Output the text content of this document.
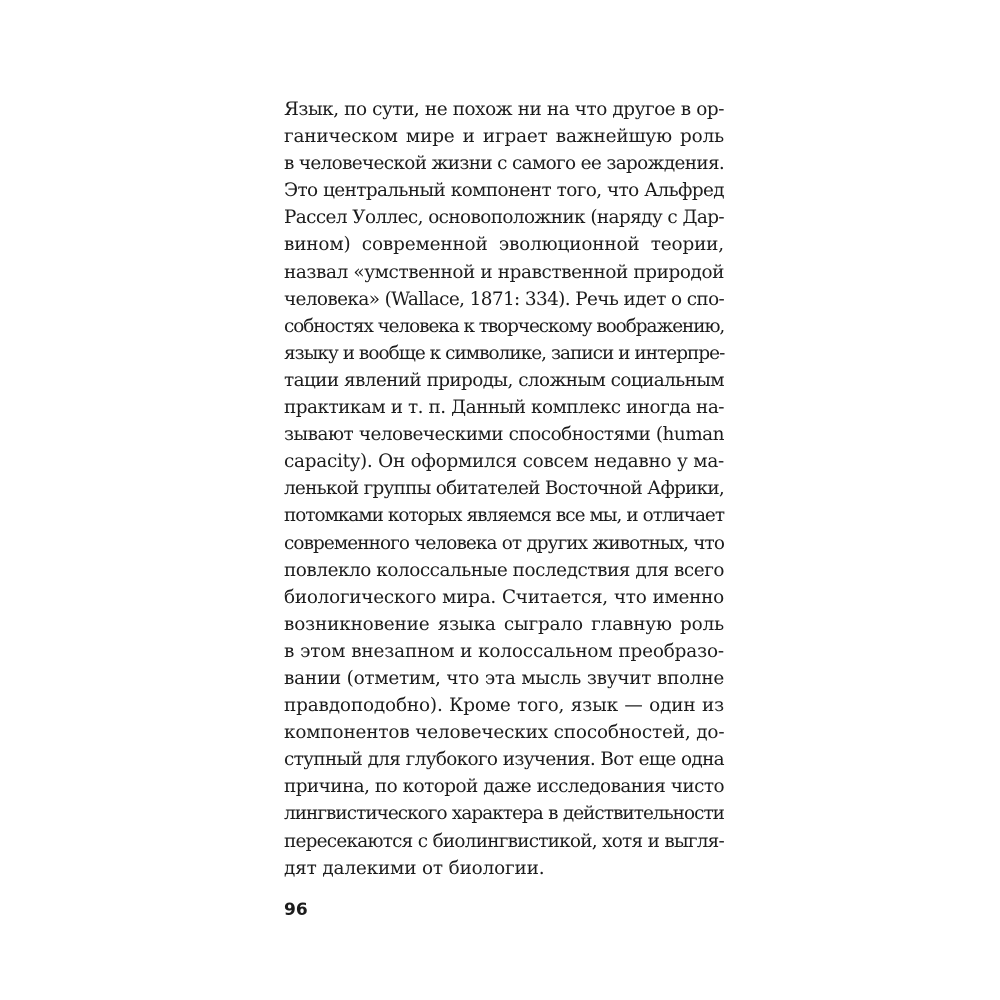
Язык, по сути, не похож ни на что другое в ор-
ганическом мире и играет важнейшую роль
в человеческой жизни с самого ее зарождения.
Это центральный компонент того, что Альфред
Рассел Уоллес, основоположник (наряду с Дар-
вином) современной эволюционной теории,
назвал «умственной и нравственной природой
человека» (Wallace, 1871: 334). Речь идет о спо-
собностях человека к творческому воображению,
языку и вообще к символике, записи и интерпре-
тации явлений природы, сложным социальным
практикам и т. п. Данный комплекс иногда на-
зывают человеческими способностями (human
capacity). Он оформился совсем недавно у ма-
ленькой группы обитателей Восточной Африки,
потомками которых являемся все мы, и отличает
современного человека от других животных, что
повлекло колоссальные последствия для всего
биологического мира. Считается, что именно
возникновение языка сыграло главную роль
в этом внезапном и колоссальном преобразо-
вании (отметим, что эта мысль звучит вполне
правдоподобно). Кроме того, язык — один из
компонентов человеческих способностей, до-
ступный для глубокого изучения. Вот еще одна
причина, по которой даже исследования чисто
лингвистического характера в действительности
пересекаются с биолингвистикой, хотя и выгля-
дят далекими от биологии.
96
